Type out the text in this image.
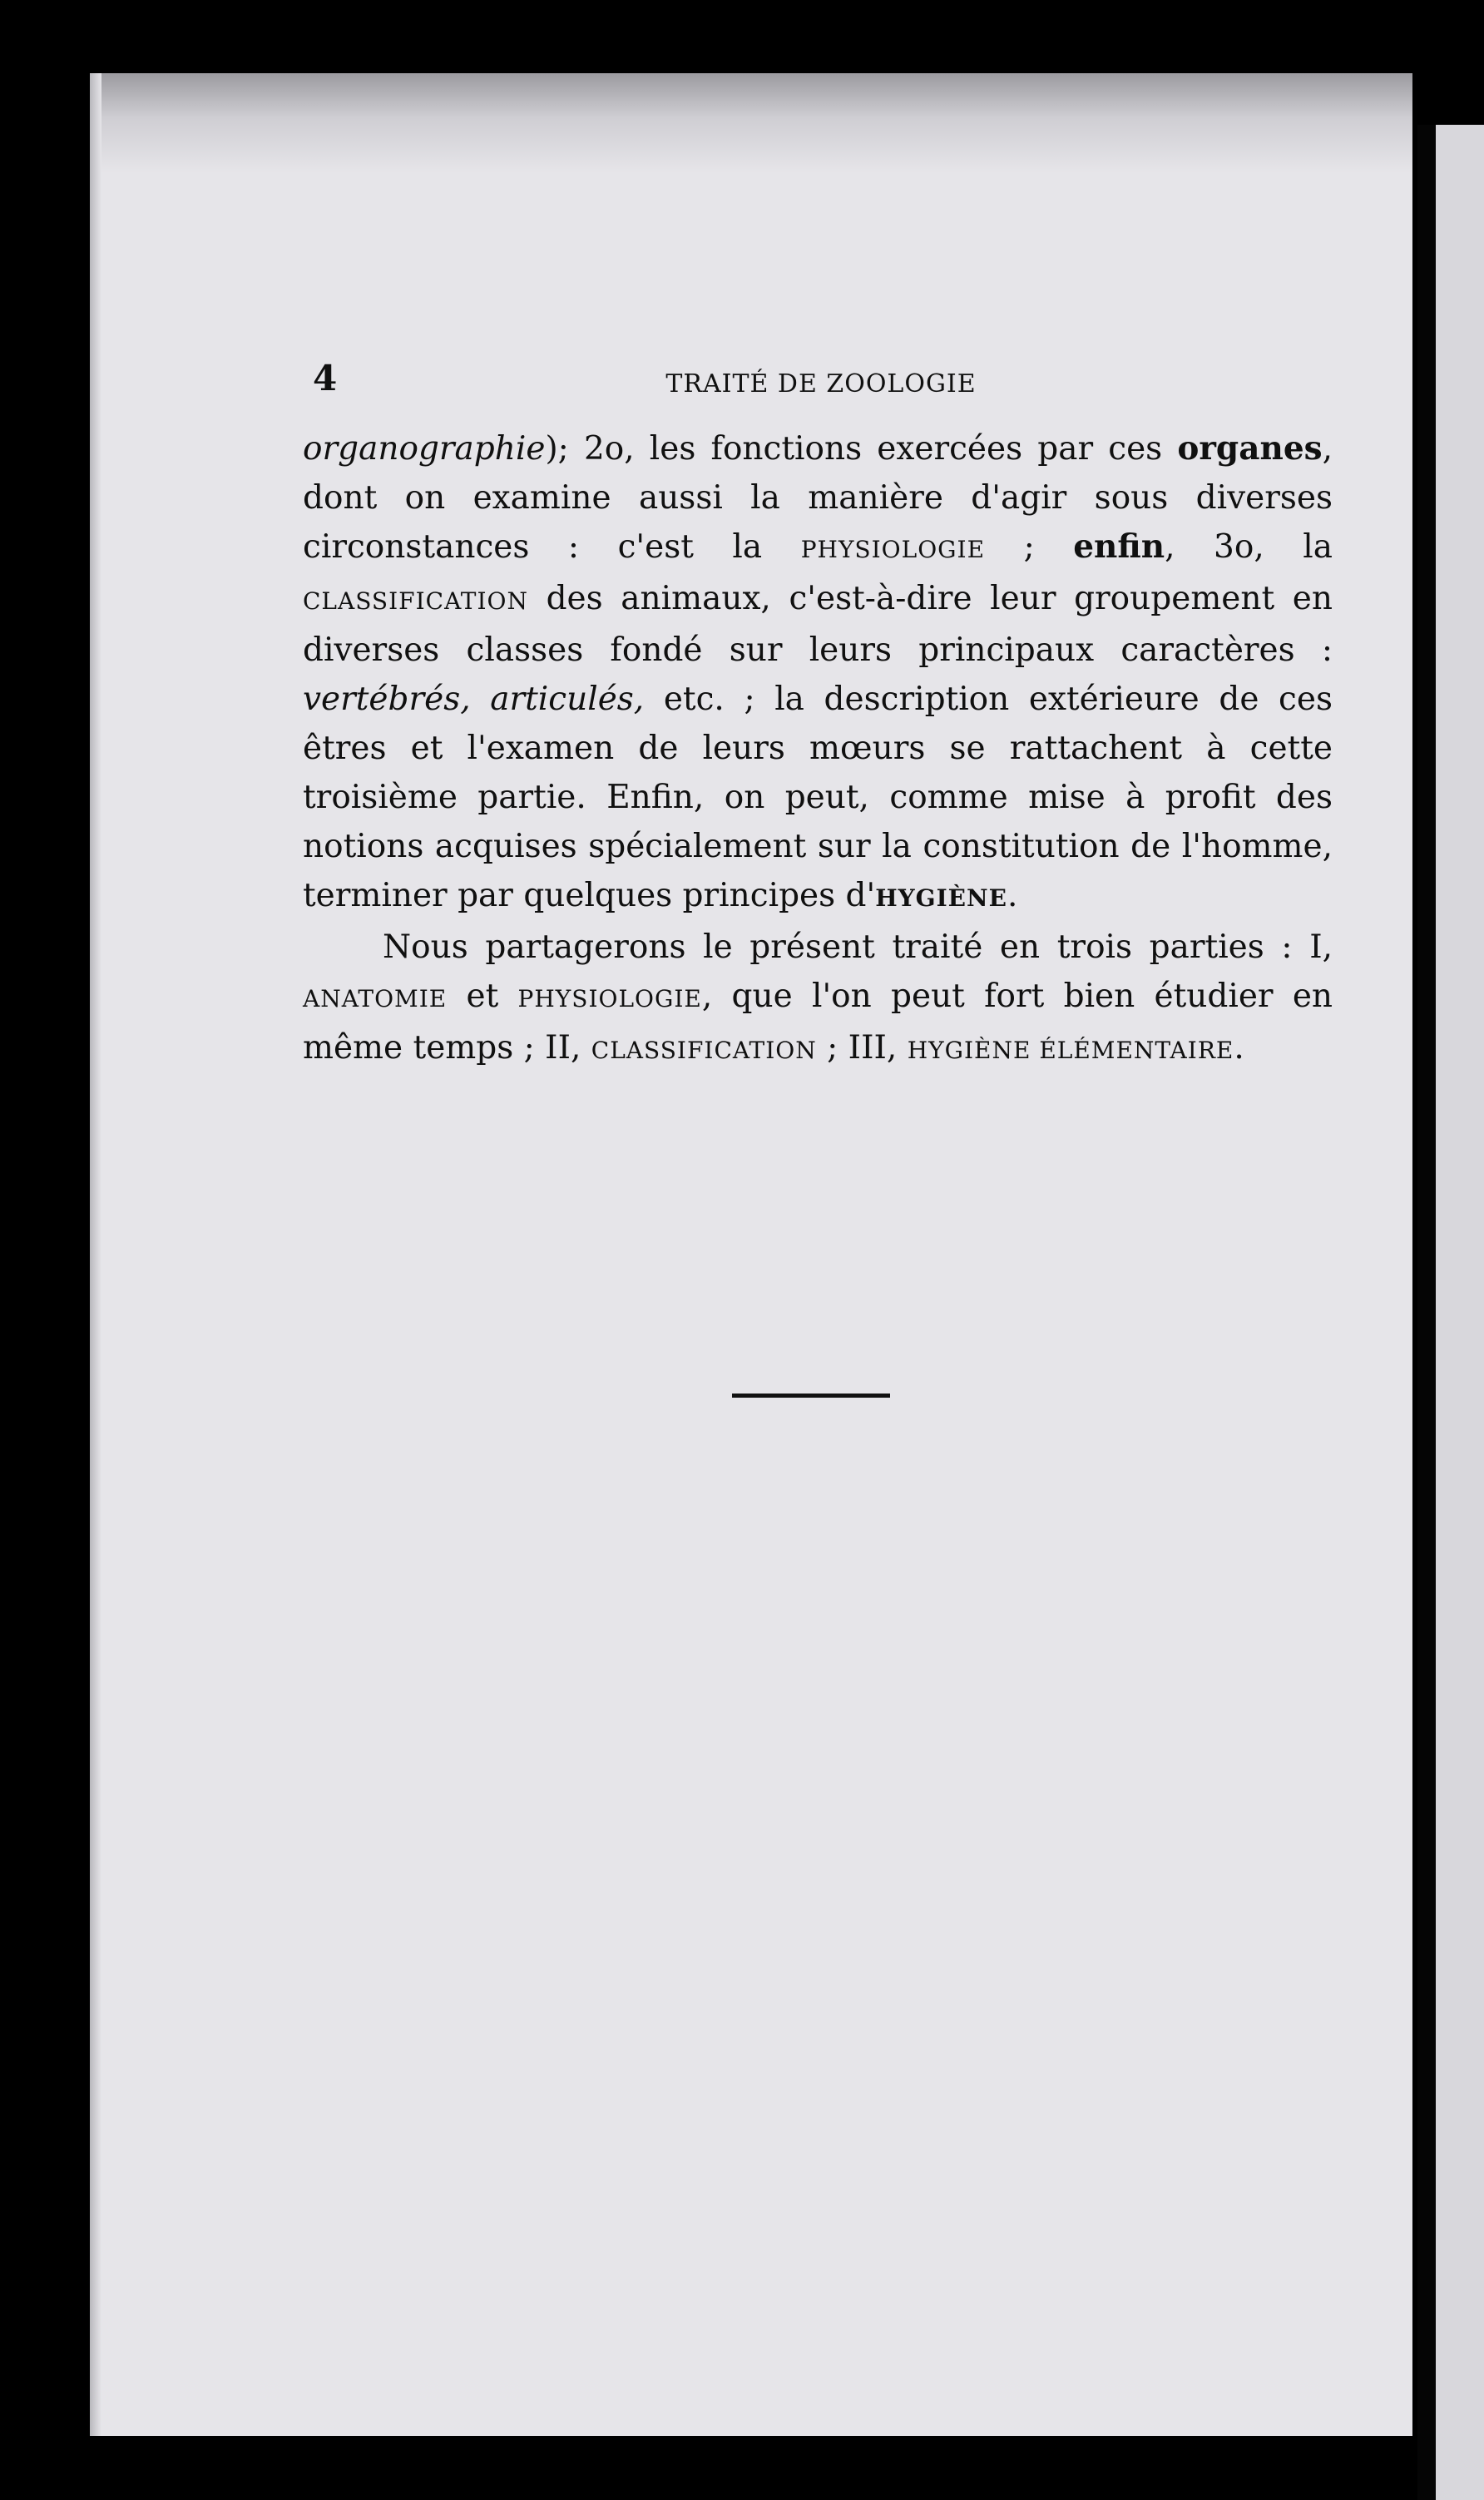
4	TRAITÉ DE ZOOLOGIE

organographie); 2o, les fonctions exercées par ces organes, dont on examine aussi la manière d'agir sous diverses circonstances : c'est la PHYSIOLOGIE ; enfin, 3o, la CLASSIFICATION des animaux, c'est-à-dire leur groupement en diverses classes fondé sur leurs principaux caractères : vertébrés, articulés, etc. ; la description extérieure de ces êtres et l'examen de leurs mœurs se rattachent à cette troisième partie. Enfin, on peut, comme mise à profit des notions acquises spécialement sur la constitution de l'homme, terminer par quelques principes d'HYGIÈNE.

Nous partagerons le présent traité en trois parties : I, ANATOMIE et PHYSIOLOGIE, que l'on peut fort bien étudier en même temps ; II, CLASSIFICATION ; III, HYGIÈNE ÉLÉMENTAIRE.
